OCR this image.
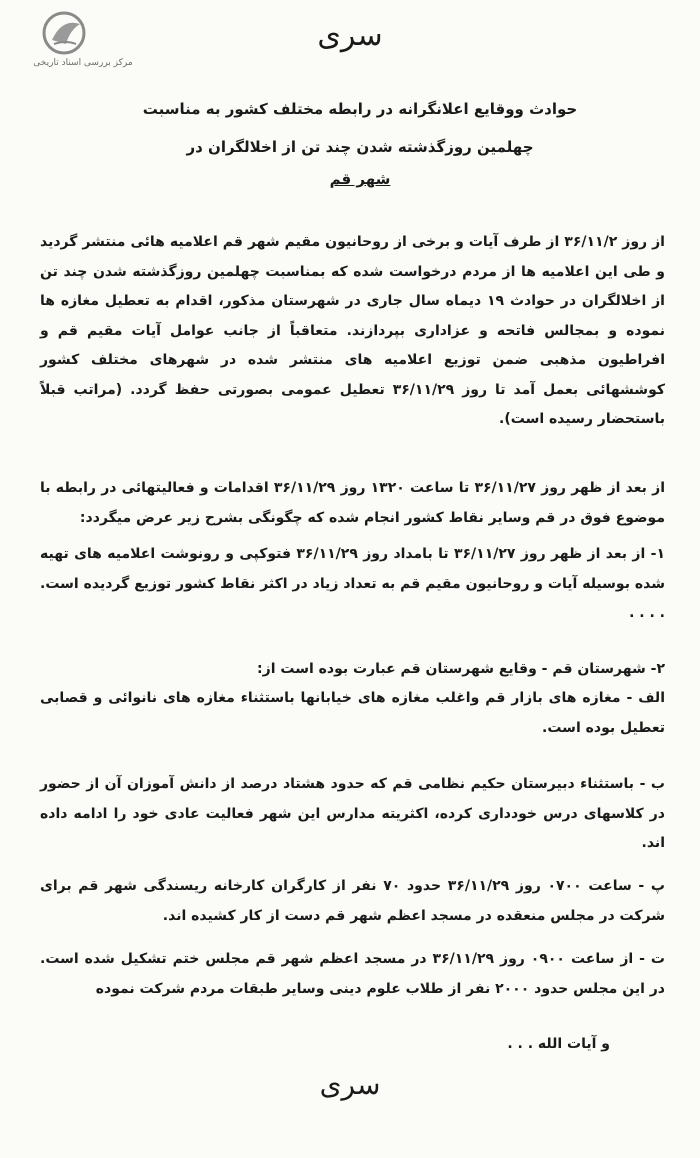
مرکز بررسی اسناد تاریخی
سری
حوادث ووقایع اعلانگرانه در رابطه مختلف کشور به مناسبت
چهلمین روزگذشته شدن چند تن از اخلالگران در
شهر قم
از روز ۳۶/۱۱/۲ از طرف آیات و برخی از روحانیون مقیم شهر قم اعلامیه هائی منتشر گردید و طی این اعلامیه ها از مردم درخواست شده که بمناسبت چهلمین روزگذشته شدن چند تن از اخلالگران در حوادث ۱۹ دیماه سال جاری در شهرستان مذکور، اقدام به تعطیل مغازه ها نموده و بمجالس فاتحه و عزاداری بپردازند. متعاقباً از جانب عوامل آیات مقیم قم و افراطیون مذهبی ضمن توزیع اعلامیه های منتشر شده در شهرهای مختلف کشور کوششهائی بعمل آمد تا روز ۳۶/۱۱/۲۹ تعطیل عمومی بصورتی حفظ گردد. (مراتب قبلاً باستحضار رسیده است).
از بعد از ظهر روز ۳۶/۱۱/۲۷ تا ساعت ۱۳۲۰ روز ۳۶/۱۱/۲۹ اقدامات و فعالیتهائی در رابطه با موضوع فوق در قم وسایر نقاط کشور انجام شده که چگونگی بشرح زیر عرض میگردد:
۱- از بعد از ظهر روز ۳۶/۱۱/۲۷ تا بامداد روز ۳۶/۱۱/۲۹ فتوکپی و رونوشت اعلامیه های تهیه شده بوسیله آیات و روحانیون مقیم قم به تعداد زیاد در اکثر نقاط کشور توزیع گردیده است. . . . .
۲- شهرستان قم - وقایع شهرستان قم عبارت بوده است از:
الف - مغازه های بازار قم واغلب مغازه های خیابانها باستثناء مغازه های نانوائی و قصابی تعطیل بوده است.
ب - باستثناء دبیرستان حکیم نظامی قم که حدود هشتاد درصد از دانش آموزان آن از حضور در کلاسهای درس خودداری کرده، اکثریته مدارس این شهر فعالیت عادی خود را ادامه داده اند.
پ - ساعت ۰۷۰۰ روز ۳۶/۱۱/۲۹ حدود ۷۰ نفر از کارگران کارخانه ریسندگی شهر قم برای شرکت در مجلس منعقده در مسجد اعظم شهر قم دست از کار کشیده اند.
ت - از ساعت ۰۹۰۰ روز ۳۶/۱۱/۲۹ در مسجد اعظم شهر قم مجلس ختم تشکیل شده است. در این مجلس حدود ۲۰۰۰ نفر از طلاب علوم دینی وسایر طبقات مردم شرکت نموده
و آیات الله . . .
سری
